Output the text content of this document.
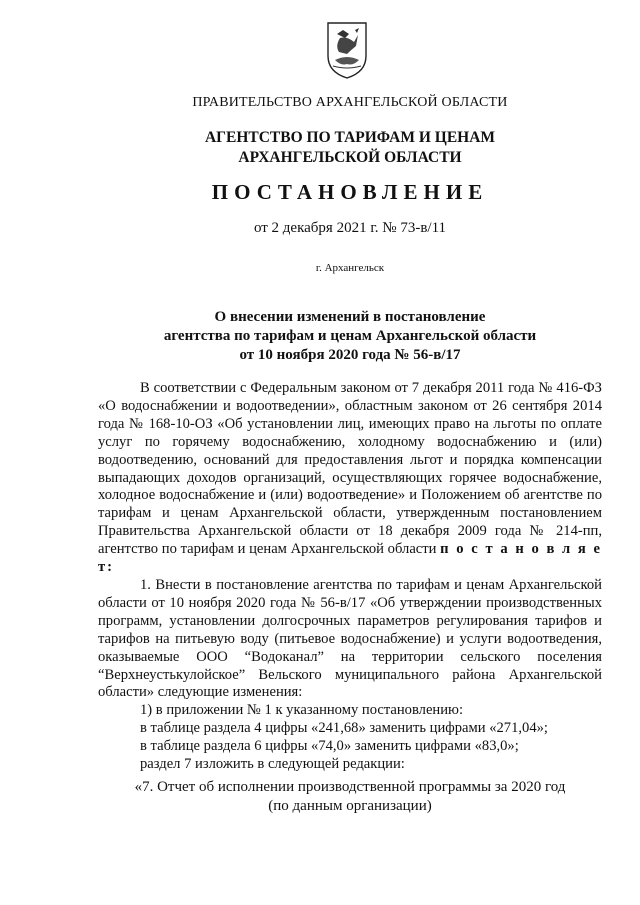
ПРАВИТЕЛЬСТВО АРХАНГЕЛЬСКОЙ ОБЛАСТИ
АГЕНТСТВО ПО ТАРИФАМ И ЦЕНАМ
АРХАНГЕЛЬСКОЙ ОБЛАСТИ
ПОСТАНОВЛЕНИЕ
от 2 декабря 2021 г. № 73-в/11
г. Архангельск
О внесении изменений в постановление
агентства по тарифам и ценам Архангельской области
от 10 ноября 2020 года № 56-в/17

В соответствии с Федеральным законом от 7 декабря 2011 года № 416-ФЗ «О водоснабжении и водоотведении», областным законом от 26 сентября 2014 года № 168-10-ОЗ «Об установлении лиц, имеющих право на льготы по оплате услуг по горячему водоснабжению, холодному водоснабжению и (или) водоотведению, оснований для предоставления льгот и порядка компенсации выпадающих доходов организаций, осуществляющих горячее водоснабжение, холодное водоснабжение и (или) водоотведение» и Положением об агентстве по тарифам и ценам Архангельской области, утвержденным постановлением Правительства Архангельской области от 18 декабря 2009 года № 214-пп, агентство по тарифам и ценам Архангельской области п о с т а н о в л я е т:

1. Внести в постановление агентства по тарифам и ценам Архангельской области от 10 ноября 2020 года № 56-в/17 «Об утверждении производственных программ, установлении долгосрочных параметров регулирования тарифов и тарифов на питьевую воду (питьевое водоснабжение) и услуги водоотведения, оказываемые ООО “Водоканал” на территории сельского поселения “Верхнеустькулойское” Вельского муниципального района Архангельской области» следующие изменения:

1) в приложении № 1 к указанному постановлению:

в таблице раздела 4 цифры «241,68» заменить цифрами «271,04»;

в таблице раздела 6 цифры «74,0» заменить цифрами «83,0»;

раздел 7 изложить в следующей редакции:

«7. Отчет об исполнении производственной программы за 2020 год
(по данным организации)
